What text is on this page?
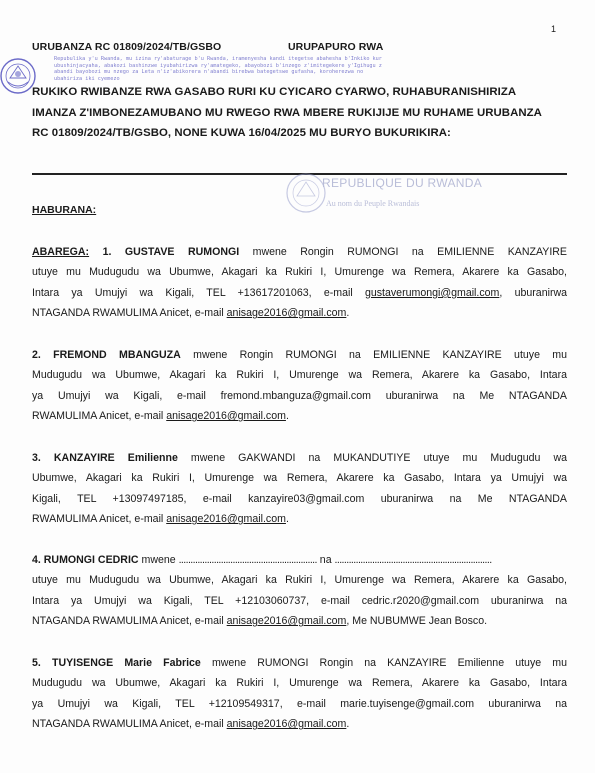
1
URUBANZA RC 01809/2024/TB/GSBO	URUPAPURO RWA
Repubulika y'u Rwanda, mu izina ry'abaturage b'u Rwanda, iramenyesha kandi itegetse abahesha b'Inkiko kur
ubushinjacyaha, abakozi bashinzwe iyubahirizwa ry'amategeko, abayobozi b'inzego z'imitegekere y'Igihugu z
abandi bayobozi mu nzego za Leta n'iz'abikorera n'abandi birebwa bategetswe gufasha, koroherezwa no
ubahiriza iki cyemezo
RUKIKO RWIBANZE RWA GASABO RURI KU CYICARO CYARWO, RUHABURANISHIRIZA
IMANZA Z'IMBONEZAMUBANO MU RWEGO RWA MBERE RUKIJIJE MU RUHAME URUBANZA
RC 01809/2024/TB/GSBO, NONE KUWA 16/04/2025 MU BURYO BUKURIKIRA:
REPUBLIQUE DU RWANDA
Au nom du Peuple Rwandais
HABURANA:
ABAREGA: 1. GUSTAVE RUMONGI mwene Rongin RUMONGI na EMILIENNE KANZAYIRE
utuye mu Mudugudu wa Ubumwe, Akagari ka Rukiri I, Umurenge wa Remera, Akarere ka Gasabo,
Intara ya Umujyi wa Kigali, TEL +13617201063, e-mail gustaverumongi@gmail.com, uburanirwa
NTAGANDA RWAMULIMA Anicet, e-mail anisage2016@gmail.com.
2. FREMOND MBANGUZA mwene Rongin RUMONGI na EMILIENNE KANZAYIRE utuye mu
Mudugudu wa Ubumwe, Akagari ka Rukiri I, Umurenge wa Remera, Akarere ka Gasabo, Intara
ya Umujyi wa Kigali, e-mail fremond.mbanguza@gmail.com uburanirwa na Me NTAGANDA
RWAMULIMA Anicet, e-mail anisage2016@gmail.com.
3. KANZAYIRE Emilienne mwene GAKWANDI na MUKANDUTIYE utuye mu Mudugudu wa
Ubumwe, Akagari ka Rukiri I, Umurenge wa Remera, Akarere ka Gasabo, Intara ya Umujyi wa
Kigali, TEL +13097497185, e-mail kanzayire03@gmail.com uburanirwa na Me NTAGANDA
RWAMULIMA Anicet, e-mail anisage2016@gmail.com.
4. RUMONGI CEDRIC mwene ........................................................... na ...................................................................
utuye mu Mudugudu wa Ubumwe, Akagari ka Rukiri I, Umurenge wa Remera, Akarere ka Gasabo,
Intara ya Umujyi wa Kigali, TEL +12103060737, e-mail cedric.r2020@gmail.com uburanirwa na
NTAGANDA RWAMULIMA Anicet, e-mail anisage2016@gmail.com, Me NUBUMWE Jean Bosco.
5. TUYISENGE Marie Fabrice mwene RUMONGI Rongin na KANZAYIRE Emilienne utuye mu
Mudugudu wa Ubumwe, Akagari ka Rukiri I, Umurenge wa Remera, Akarere ka Gasabo, Intara
ya Umujyi wa Kigali, TEL +12109549317, e-mail marie.tuyisenge@gmail.com uburanirwa na
NTAGANDA RWAMULIMA Anicet, e-mail anisage2016@gmail.com.
